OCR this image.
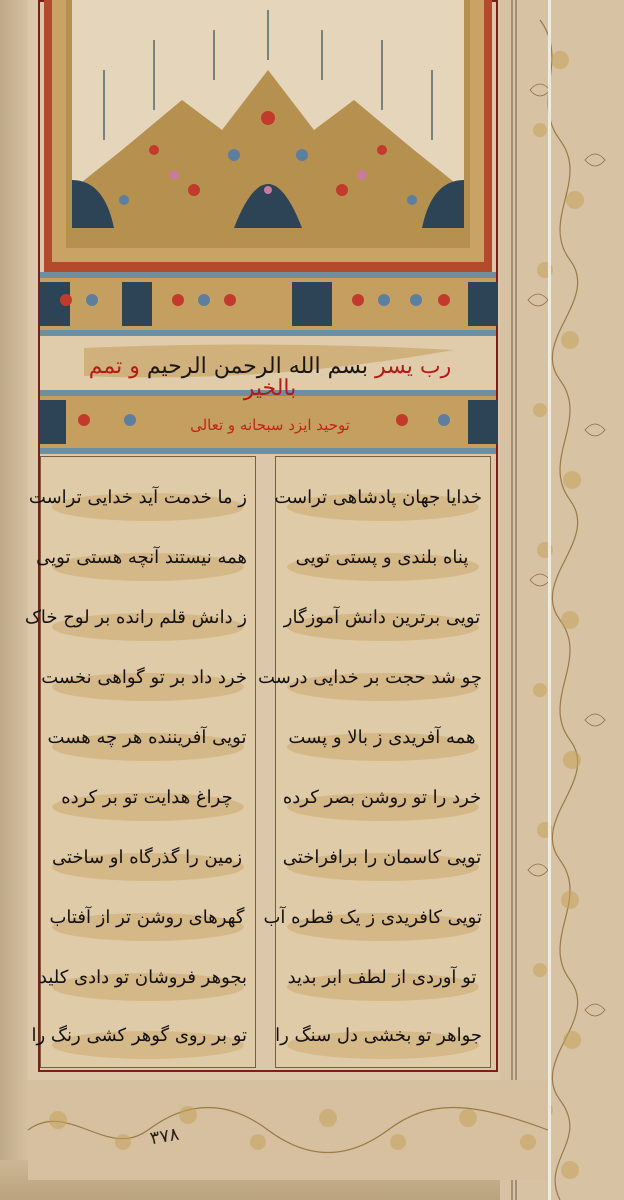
رب یسر بسم الله الرحمن الرحیم و تمم بالخیر
توحید ایزد سبحانه و تعالی
خدایا جهان پادشاهی تراست
پناه بلندی و پستی تویی
تویی برترین دانش آموزگار
چو شد حجت بر خدایی درست
همه آفریدی ز بالا و پست
خرد را تو روشن بصر کرده
تویی کاسمان را برافراختی
تویی کافریدی ز یک قطره آب
تو آوردی از لطف ابر بدید
جواهر تو بخشی دل سنگ را
ز ما خدمت آید خدایی تراست
همه نیستند آنچه هستی تویی
ز دانش قلم رانده بر لوح خاک
خرد داد بر تو گواهی نخست
تویی آفریننده هر چه هست
چراغ هدایت تو بر کرده
زمین را گذرگاه او ساختی
گهرهای روشن تر از آفتاب
بجوهر فروشان تو دادی کلید
تو بر روی گوهر کشی رنگ را
۳۷۸
